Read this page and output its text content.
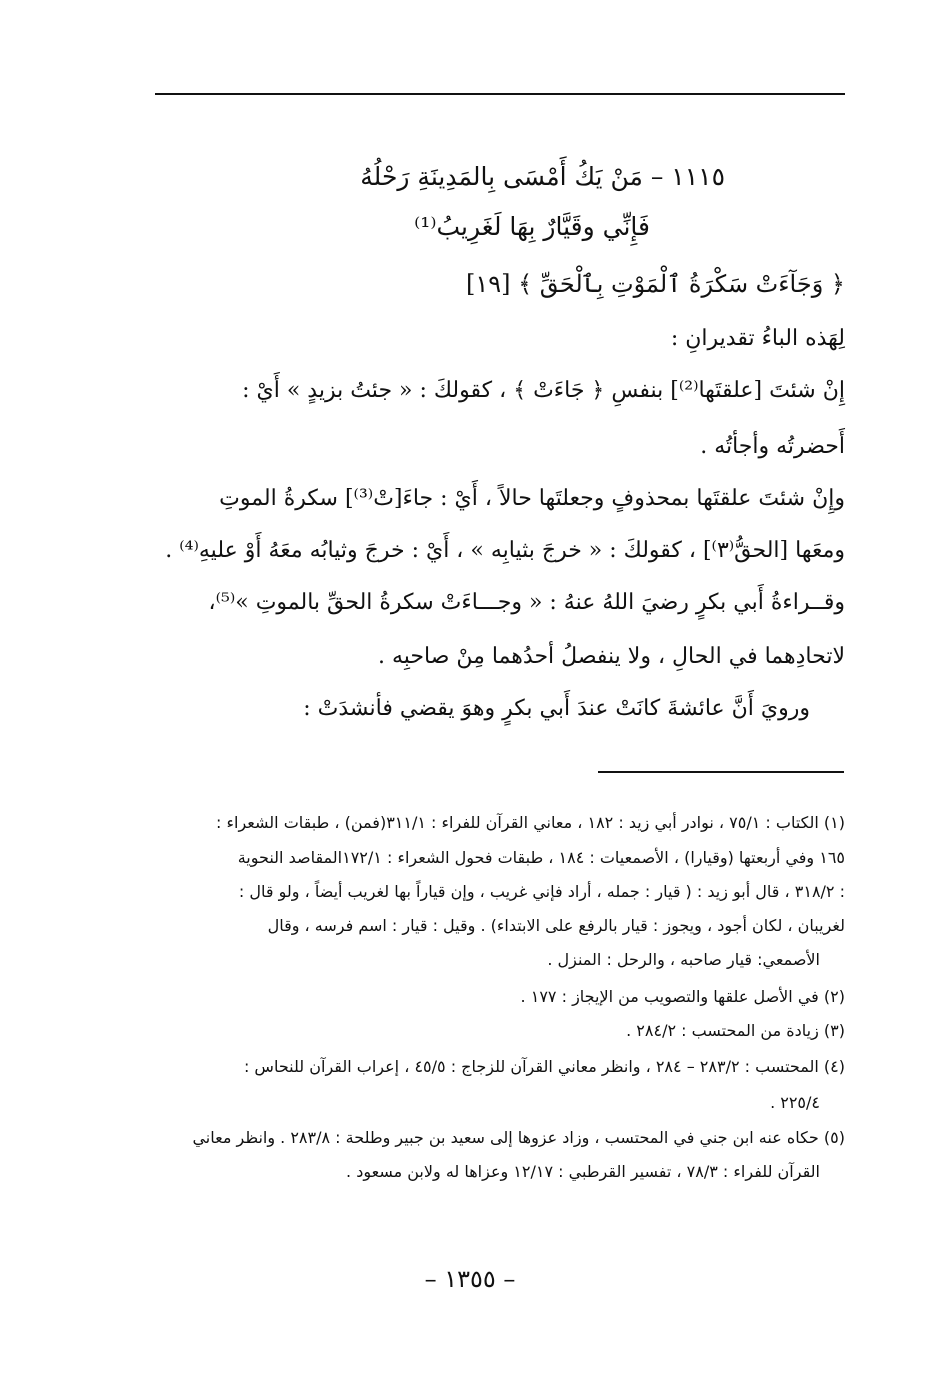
١١١٥ – مَنْ يَكُ أَمْسَى بِالمَدِينَةِ رَحْلُهُ
فَإِنِّي وقَيَّارٌ بِهَا لَغَرِيبُ⁽¹⁾
﴿ وَجَآءَتْ سَكْرَةُ ٱلْمَوْتِ بِٱلْحَقِّ ﴾ [١٩]
لِهَذه الباءُ تقديرانِ :
إِنْ شئتَ [علقتَها⁽²⁾] بنفسِ ﴿ جَاءَتْ ﴾ ، كقولكَ : « جئتُ بزيدٍ » أَيْ :
أَحضرتُه وأجأتُه .
وإِنْ شئتَ علقتَها بمحذوفٍ وجعلتَها حالاً ، أَيْ : جاءَ[تْ⁽³⁾] سكرةُ الموتِ
ومعَها [الحقُّ⁽٣⁾] ، كقولكَ : « خرجَ بثيابِه » ، أَيْ : خرجَ وثيابُه معَهُ أَوْ عليهِ⁽⁴⁾ .
وقــراءةُ أَبي بكرٍ رضيَ اللهُ عنهُ : « وجـــاءَتْ سكرةُ الحقِّ بالموتِ »⁽⁵⁾،
لاتحادِهما في الحالِ ، ولا ينفصلُ أحدُهما مِنْ صاحبِه .
ورويَ أَنَّ عائشةَ كانَتْ عندَ أَبي بكرٍ وهوَ يقضي فأنشدَتْ :
(١) الكتاب : ٧٥/١ ، نوادر أبي زيد : ١٨٢ ، معاني القرآن للفراء : ٣١١/١(فمن) ، طبقات الشعراء :
١٦٥ وفي أربعتها (وقيارا) ، الأصمعيات : ١٨٤ ، طبقات فحول الشعراء : ١٧٢/١المقاصد النحوية
: ٣١٨/٢ ، قال أبو زيد : ( قيار : جمله ، أراد فإني غريب ، وإن قياراً بها لغريب أيضاً ، ولو قال :
لغريبان ، لكان أجود ، ويجوز : قيار بالرفع على الابتداء) . وقيل : قيار : اسم فرسه ، وقال
الأصمعي: قيار صاحبه ، والرحل : المنزل .
(٢) في الأصل علقها والتصويب من الإيجاز : ١٧٧ .
(٣) زيادة من المحتسب : ٢٨٤/٢ .
(٤) المحتسب : ٢٨٣/٢ – ٢٨٤ ، وانظر معاني القرآن للزجاج : ٤٥/٥ ، إعراب القرآن للنحاس :
٢٢٥/٤ .
(٥) حكاه عنه ابن جني في المحتسب ، وزاد عزوها إلى سعيد بن جبير وطلحة : ٢٨٣/٨ . وانظر معاني
القرآن للفراء : ٧٨/٣ ، تفسير القرطبي : ١٢/١٧ وعزاها له ولابن مسعود .
– ١٣٥٥ –
